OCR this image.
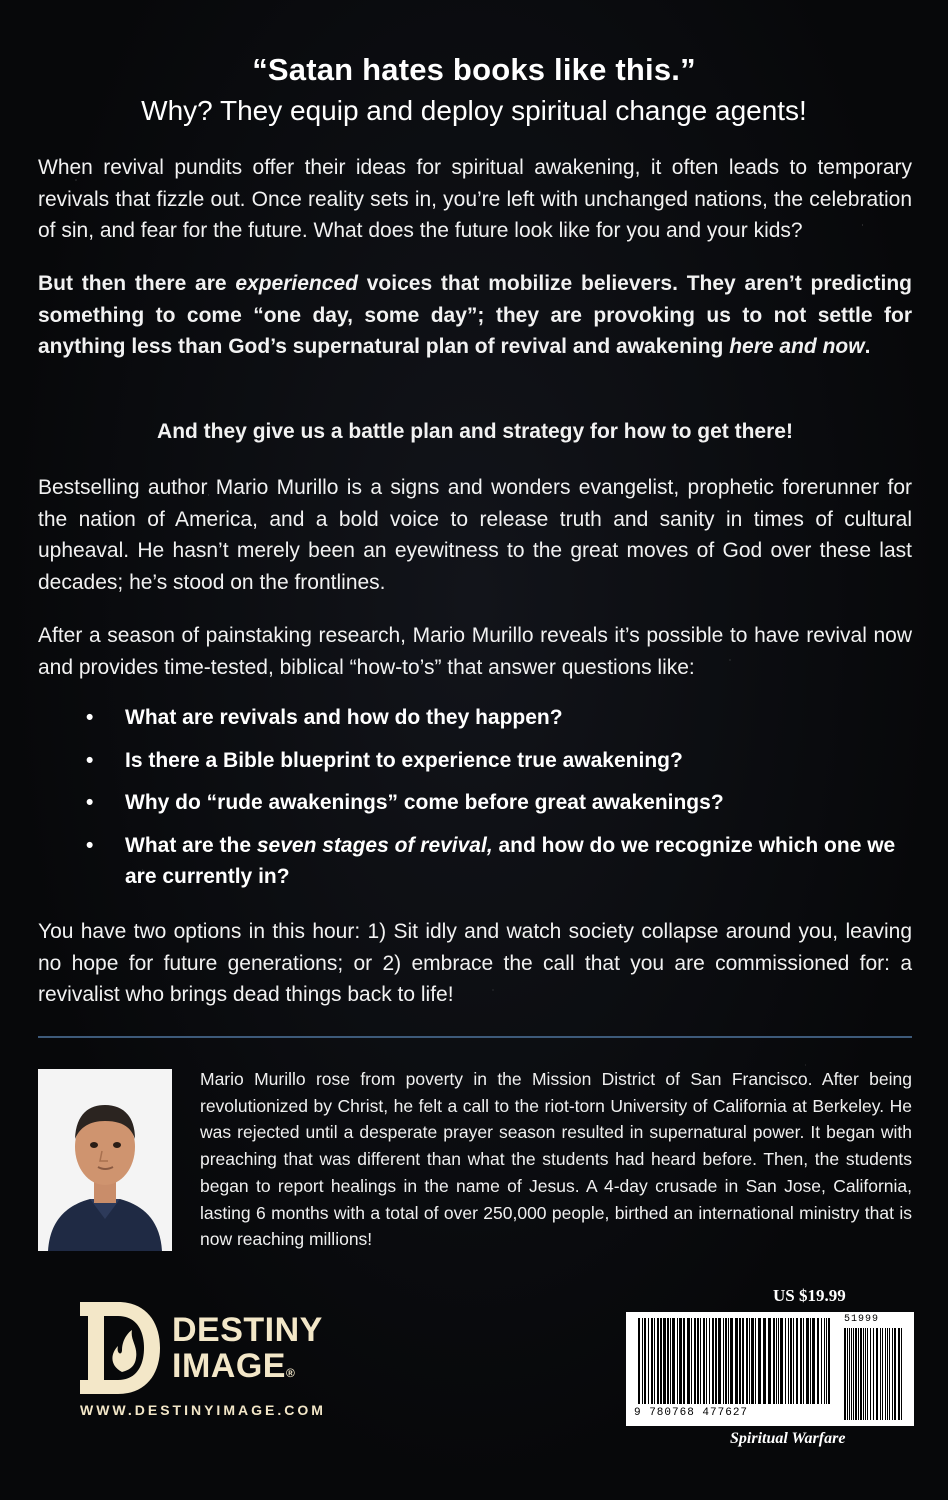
“Satan hates books like this.”
Why? They equip and deploy spiritual change agents!
When revival pundits offer their ideas for spiritual awakening, it often leads to temporary revivals that fizzle out. Once reality sets in, you’re left with unchanged nations, the celebration of sin, and fear for the future. What does the future look like for you and your kids?
But then there are experienced voices that mobilize believers. They aren’t predicting something to come “one day, some day”; they are provoking us to not settle for anything less than God’s supernatural plan of revival and awakening here and now.
And they give us a battle plan and strategy for how to get there!
Bestselling author Mario Murillo is a signs and wonders evangelist, prophetic forerunner for the nation of America, and a bold voice to release truth and sanity in times of cultural upheaval. He hasn’t merely been an eyewitness to the great moves of God over these last decades; he’s stood on the frontlines.
After a season of painstaking research, Mario Murillo reveals it’s possible to have revival now and provides time-tested, biblical “how-to’s” that answer questions like:
• What are revivals and how do they happen?
• Is there a Bible blueprint to experience true awakening?
• Why do “rude awakenings” come before great awakenings?
• What are the seven stages of revival, and how do we recognize which one we are currently in?
You have two options in this hour: 1) Sit idly and watch society collapse around you, leaving no hope for future generations; or 2) embrace the call that you are commissioned for: a revivalist who brings dead things back to life!
Mario Murillo rose from poverty in the Mission District of San Francisco. After being revolutionized by Christ, he felt a call to the riot-torn University of California at Berkeley. He was rejected until a desperate prayer season resulted in supernatural power. It began with preaching that was different than what the students had heard before. Then, the students began to report healings in the name of Jesus. A 4-day crusade in San Jose, California, lasting 6 months with a total of over 250,000 people, birthed an international ministry that is now reaching millions!
DESTINY
IMAGE®
WWW.DESTINYIMAGE.COM
US $19.99
51999
9 780768 477627
Spiritual Warfare
